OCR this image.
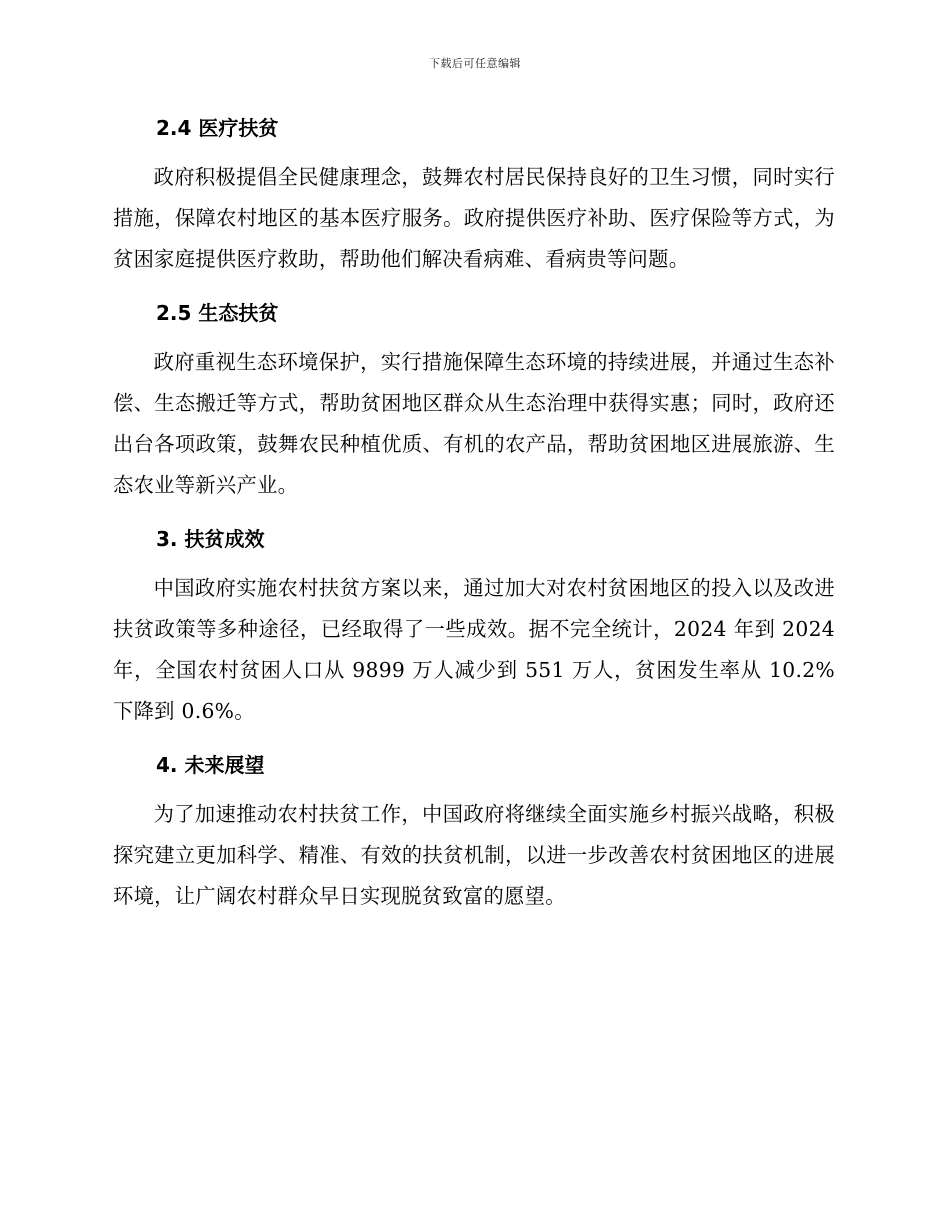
下载后可任意编辑
2.4 医疗扶贫

政府积极提倡全民健康理念，鼓舞农村居民保持良好的卫生习惯，同时实行措施，保障农村地区的基本医疗服务。政府提供医疗补助、医疗保险等方式，为贫困家庭提供医疗救助，帮助他们解决看病难、看病贵等问题。

2.5 生态扶贫

政府重视生态环境保护，实行措施保障生态环境的持续进展，并通过生态补偿、生态搬迁等方式，帮助贫困地区群众从生态治理中获得实惠；同时，政府还出台各项政策，鼓舞农民种植优质、有机的农产品，帮助贫困地区进展旅游、生态农业等新兴产业。

3. 扶贫成效

中国政府实施农村扶贫方案以来，通过加大对农村贫困地区的投入以及改进扶贫政策等多种途径，已经取得了一些成效。据不完全统计，2024 年到 2024 年，全国农村贫困人口从 9899 万人减少到 551 万人，贫困发生率从 10.2%下降到 0.6%。

4. 未来展望

为了加速推动农村扶贫工作，中国政府将继续全面实施乡村振兴战略，积极探究建立更加科学、精准、有效的扶贫机制，以进一步改善农村贫困地区的进展环境，让广阔农村群众早日实现脱贫致富的愿望。
